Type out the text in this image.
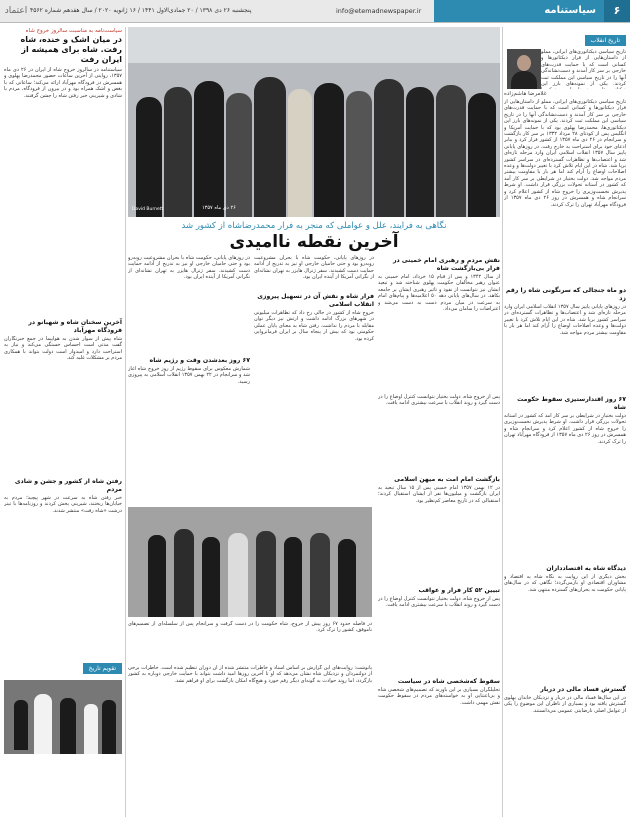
اعتماد پنجشنبه ۲۶ دی ۱۳۹۸ / ۲۰ جمادی‌الاول ۱۴۴۱ / ۱۶ ژانویه ۲۰۲۰ / سال هفدهم شماره ۴۵۶۲	info@etemadnewspaper.ir	سیاستنامه	۶
تاریخ انقلاب
تاریخ سیاسی دیکتاتوری‌های ایرانی، مملو از داستان‌هایی از فرار دیکتاتورها و کسانی است که با حمایت قدرت‌های خارجی بر سر کار آمدند و دست‌نشاندگی آنها را در تاریخ سیاسی این مملکت ثبت کردند. یکی از نمونه‌های بارز این
غلامرضا هاشم‌زاده
تاریخ سیاسی دیکتاتوری‌های ایرانی، مملو از داستان‌هایی از فرار دیکتاتورها و کسانی است که با حمایت قدرت‌های خارجی بر سر کار آمدند و دست‌نشاندگی آنها را در تاریخ سیاسی این مملکت ثبت کردند. یکی از نمونه‌های بارز این دیکتاتوری‌ها، محمدرضا پهلوی بود که با حمایت آمریکا و انگلیس پس از کودتای ۲۸ مرداد ۱۳۳۲ بر سر کار بازگشت و سرانجام در ۲۶ دی ماه ۱۳۵۷ از کشور فرار کرد و بنابر ادعای خود برای استراحت به خارج رفت. در روزهای پایانی پاییز سال ۱۳۵۷ انقلاب اسلامی ایران وارد مرحله تازه‌ای شد و اعتصاب‌ها و تظاهرات گسترده‌ای در سراسر کشور برپا شد. شاه در این ایام تلاش کرد با تغییر دولت‌ها و وعده اصلاحات اوضاع را آرام کند اما هر بار با مقاومت بیشتر مردم مواجه شد. دولت بختیار در شرایطی بر سر کار آمد که کشور در آستانه تحولات بزرگی قرار داشت. او شرط پذیرش نخست‌وزیری را خروج شاه از کشور اعلام کرد و سرانجام شاه و همسرش در روز ۲۶ دی ماه ۱۳۵۷ از فرودگاه مهرآباد تهران را ترک کردند.
دو ماه جنجالی که سرنگونی شاه را رقم زد
در روزهای پایانی پاییز سال ۱۳۵۷ انقلاب اسلامی ایران وارد مرحله تازه‌ای شد و اعتصاب‌ها و تظاهرات گسترده‌ای در سراسر کشور برپا شد. شاه در این ایام تلاش کرد با تغییر دولت‌ها و وعده اصلاحات اوضاع را آرام کند اما هر بار با مقاومت بیشتر مردم مواجه شد.
۶۷ روز اقتدارستیزی سقوط حکومت شاه
دولت بختیار در شرایطی بر سر کار آمد که کشور در آستانه تحولات بزرگی قرار داشت. او شرط پذیرش نخست‌وزیری را خروج شاه از کشور اعلام کرد و سرانجام شاه و همسرش در روز ۲۶ دی ماه ۱۳۵۷ از فرودگاه مهرآباد تهران را ترک کردند.
دیدگاه شاه به اقتصادداران
بخش دیگری از این روایت به نگاه شاه به اقتصاد و مشاوران اقتصادی او بازمی‌گردد؛ نگاهی که در سال‌های پایانی حکومت به بحران‌های گسترده منتهی شد.
گسترش فساد مالی در دربار
در این سال‌ها فساد مالی در دربار و نزدیکان خاندان پهلوی گسترش یافته بود و بسیاری از ناظران این موضوع را یکی از عوامل اصلی نارضایتی عمومی می‌دانستند.
سیاست‌نامه به مناسبت سالروز خروج شاه
در میان اشک و خنده، شاه رفت. شاه برای همیشه از ایران رفت
سیاستنامه در سالروز خروج شاه از ایران در ۲۶ دی ماه ۱۳۵۷، روایتی از آخرین ساعات حضور محمدرضا پهلوی و همسرش در فرودگاه مهرآباد ارائه می‌کند؛ ساعاتی که با بغض و اشک همراه بود و در بیرون از فرودگاه، مردم با شادی و شیرینی خبر رفتن شاه را جشن گرفتند.
آخرین سخنان شاه و شهبانو در فرودگاه مهرآباد
شاه پیش از سوار شدن به هواپیما در جمع خبرنگاران گفت مدتی است احساس خستگی می‌کند و نیاز به استراحت دارد و امیدوار است دولت بتواند با همکاری مردم بر مشکلات غلبه کند.
رفتن شاه از کشور و جشن و شادی مردم
خبر رفتن شاه به سرعت در شهر پیچید؛ مردم به خیابان‌ها ریختند، شیرینی پخش کردند و روزنامه‌ها با تیتر درشت «شاه رفت» منتشر شدند.
تقویم تاریخ
۲۶ دی ماه ۱۳۵۷
David Burnett
نگاهی به فرایند، علل و عواملی که منجر به فرار محمدرضاشاه از کشور شد
آخرین نقطه ناامیدی
نقش مردم و رهبری امام خمینی در فرار بی‌بازگشت شاه
از سال ۱۳۴۲ و پس از قیام ۱۵ خرداد، امام خمینی به عنوان رهبر مخالفان حکومت پهلوی شناخته شد و تبعید ایشان نیز نتوانست از نفوذ و تاثیر رهبری ایشان بر جامعه بکاهد. در سال‌های پایانی دهه ۵۰ اعلامیه‌ها و پیام‌های امام به سرعت در میان مردم دست به دست می‌شد و اعتراضات را سامان می‌داد.
پس از خروج شاه، دولت بختیار نتوانست کنترل اوضاع را در دست گیرد و روند انقلاب با سرعت بیشتری ادامه یافت.
بازگشت امام امت به میهن اسلامی
در ۱۲ بهمن ۱۳۵۷ امام خمینی پس از ۱۵ سال تبعید به ایران بازگشت و میلیون‌ها نفر از ایشان استقبال کردند؛ استقبالی که در تاریخ معاصر کم‌نظیر بود.
تبیین ۵۲ کار فرار و عواقب
پس از خروج شاه، دولت بختیار نتوانست کنترل اوضاع را در دست گیرد و روند انقلاب با سرعت بیشتری ادامه یافت.
سقوط که‌شخصی شاه در سیاست
تحلیلگران بسیاری بر این باورند که تصمیم‌های شخصی شاه و بی‌اعتنایی او به خواسته‌های مردم در سقوط حکومت نقش مهمی داشت.
در روزهای پایانی، حکومت شاه با بحران مشروعیت روبه‌رو بود و حتی حامیان خارجی او نیز به تدریج از ادامه حمایت دست کشیدند. سفر ژنرال هایزر به تهران نشانه‌ای از نگرانی آمریکا از آینده ایران بود.
فرار شاه و نقش آن در تسهیل پیروزی انقلاب اسلامی
خروج شاه از کشور در حالی رخ داد که تظاهرات میلیونی در شهرهای بزرگ ادامه داشت و ارتش نیز دیگر توان مقابله با مردم را نداشت. رفتن شاه به معنای پایان عملی حکومتی بود که بیش از پنجاه سال بر ایران فرمانروایی کرده بود.
در روزهای پایانی، حکومت شاه با بحران مشروعیت روبه‌رو بود و حتی حامیان خارجی او نیز به تدریج از ادامه حمایت دست کشیدند. سفر ژنرال هایزر به تهران نشانه‌ای از نگرانی آمریکا از آینده ایران بود.
۶۷ روز بعد‌شدن وقت و رژیم شاه
شمارش معکوس برای سقوط رژیم از روز خروج شاه آغاز شد و سرانجام در ۲۲ بهمن ۱۳۵۷ انقلاب اسلامی به پیروزی رسید.
در فاصله حدود ۶۷ روز پیش از خروج، شاه حکومت را در دست گرفت و سرانجام پس از سلسله‌ای از تصمیم‌های ناموفق، کشور را ترک کرد.
پانوشت: روایت‌های این گزارش بر اساس اسناد و خاطرات منتشر شده از آن دوران تنظیم شده است. خاطرات برخی از دولتمردان و نزدیکان شاه نشان می‌دهد که او تا آخرین روزها امید داشت بتواند با حمایت خارجی دوباره به کشور بازگردد، اما روند حوادث به گونه‌ای دیگر رقم خورد و هیچ‌گاه امکان بازگشت برای او فراهم نشد.
